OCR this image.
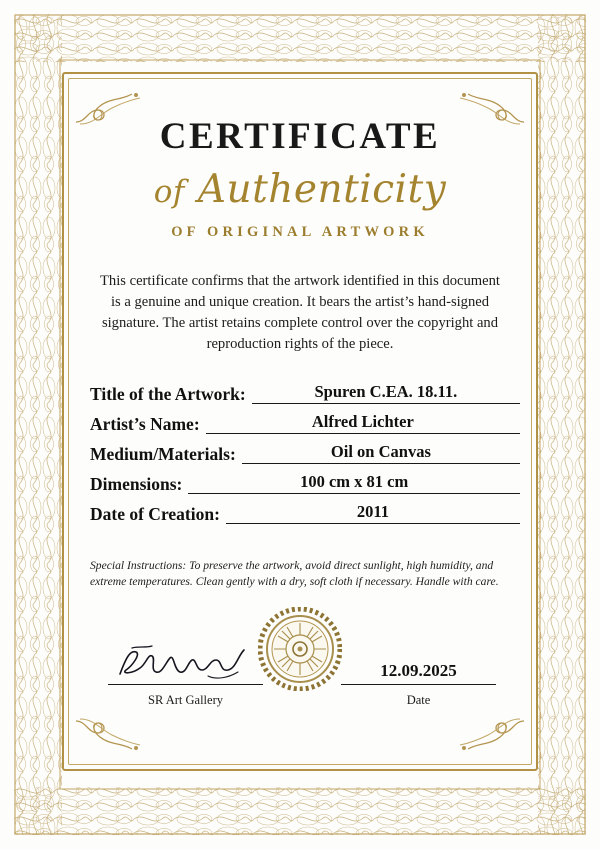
CERTIFICATE
of Authenticity
OF ORIGINAL ARTWORK
This certificate confirms that the artwork identified in this document is a genuine and unique creation. It bears the artist’s hand-signed signature. The artist retains complete control over the copyright and reproduction rights of the piece.
Title of the Artwork:	Spuren C.EA. 18.11.
Artist’s Name:	Alfred Lichter
Medium/Materials:	Oil on Canvas
Dimensions:	100 cm x 81 cm
Date of Creation:	2011
Special Instructions: To preserve the artwork, avoid direct sunlight, high humidity, and extreme temperatures. Clean gently with a dry, soft cloth if necessary. Handle with care.
SR Art Gallery
12.09.2025
Date
